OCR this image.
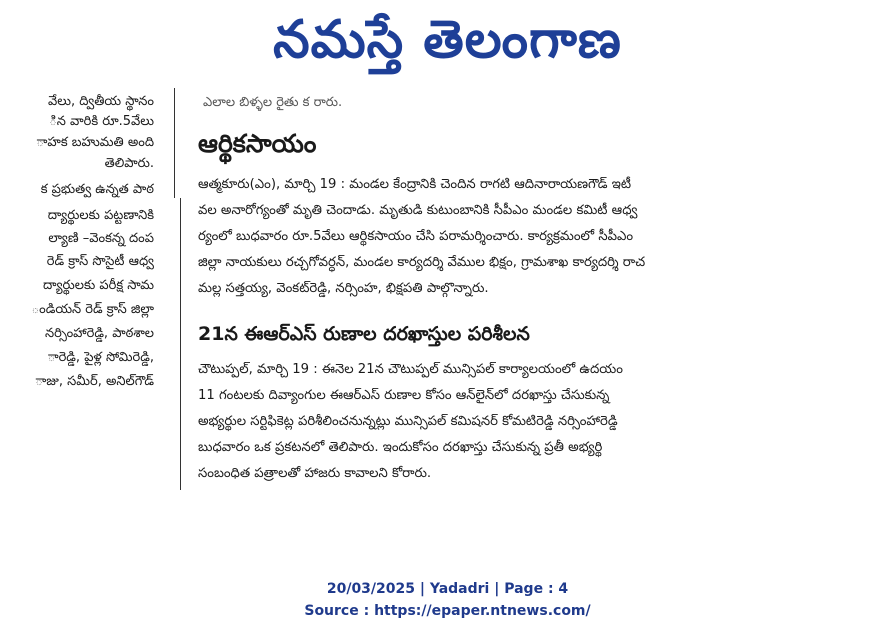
నమస్తే తెలంగాణ
వేలు, ద్వితీయ స్థానం
ిన వారికి రూ.5వేలు
ాహక బహుమతి అంది
తెలిపారు.
క ప్రభుత్వ ఉన్నత పాఠ
ద్యార్థులకు పట్టణానికి
ల్యాణి –వెంకన్న దంప
రెడ్ క్రాస్ సొసైటీ ఆధ్వ
ద్యార్థులకు పరీక్ష సామ
ండియన్ రెడ్ క్రాస్ జిల్లా
నర్సింహారెడ్డి, పాఠశాల
ారెడ్డి, పైళ్ల సోమిరెడ్డి,
ాజు, సమీర్, అనిల్‌గౌడ్
ఎలాల బిళ్ళల రైతు క రారు.
ఆర్థికసాయం
ఆత్మకూరు(ఎం), మార్చి 19 : మండల కేంద్రానికి చెందిన రాగటి ఆదినారాయణగౌడ్ ఇటీ
వల అనారోగ్యంతో మృతి చెందాడు. మృతుడి కుటుంబానికి సీపీఎం మండల కమిటీ ఆధ్వ
ర్యంలో బుధవారం రూ.5వేలు ఆర్థికసాయం చేసి పరామర్శించారు. కార్యక్రమంలో సీపీఎం
జిల్లా నాయకులు రచ్చగోవర్ధన్, మండల కార్యదర్శి వేముల భిక్షం, గ్రామశాఖ కార్యదర్శి రాచ
మల్ల సత్తయ్య, వెంకట్‌రెడ్డి, నర్సింహ, భిక్షపతి పాల్గొన్నారు.
21న ఈఆర్ఎస్ రుణాల దరఖాస్తుల పరిశీలన
చౌటుప్పల్, మార్చి 19 : ఈనెల 21న చౌటుప్పల్ మున్సిపల్ కార్యాలయంలో ఉదయం
11 గంటలకు దివ్యాంగుల ఈఆర్ఎస్ రుణాల కోసం ఆన్‌లైన్‌లో దరఖాస్తు చేసుకున్న
అభ్యర్థుల సర్టిఫికెట్ల పరిశీలించనున్నట్లు మున్సిపల్ కమిషనర్ కోమటిరెడ్డి నర్సింహారెడ్డి
బుధవారం ఒక ప్రకటనలో తెలిపారు. ఇందుకోసం దరఖాస్తు చేసుకున్న ప్రతీ అభ్యర్థి
సంబంధిత పత్రాలతో హాజరు కావాలని కోరారు.
20/03/2025 | Yadadri | Page : 4
Source : https://epaper.ntnews.com/
